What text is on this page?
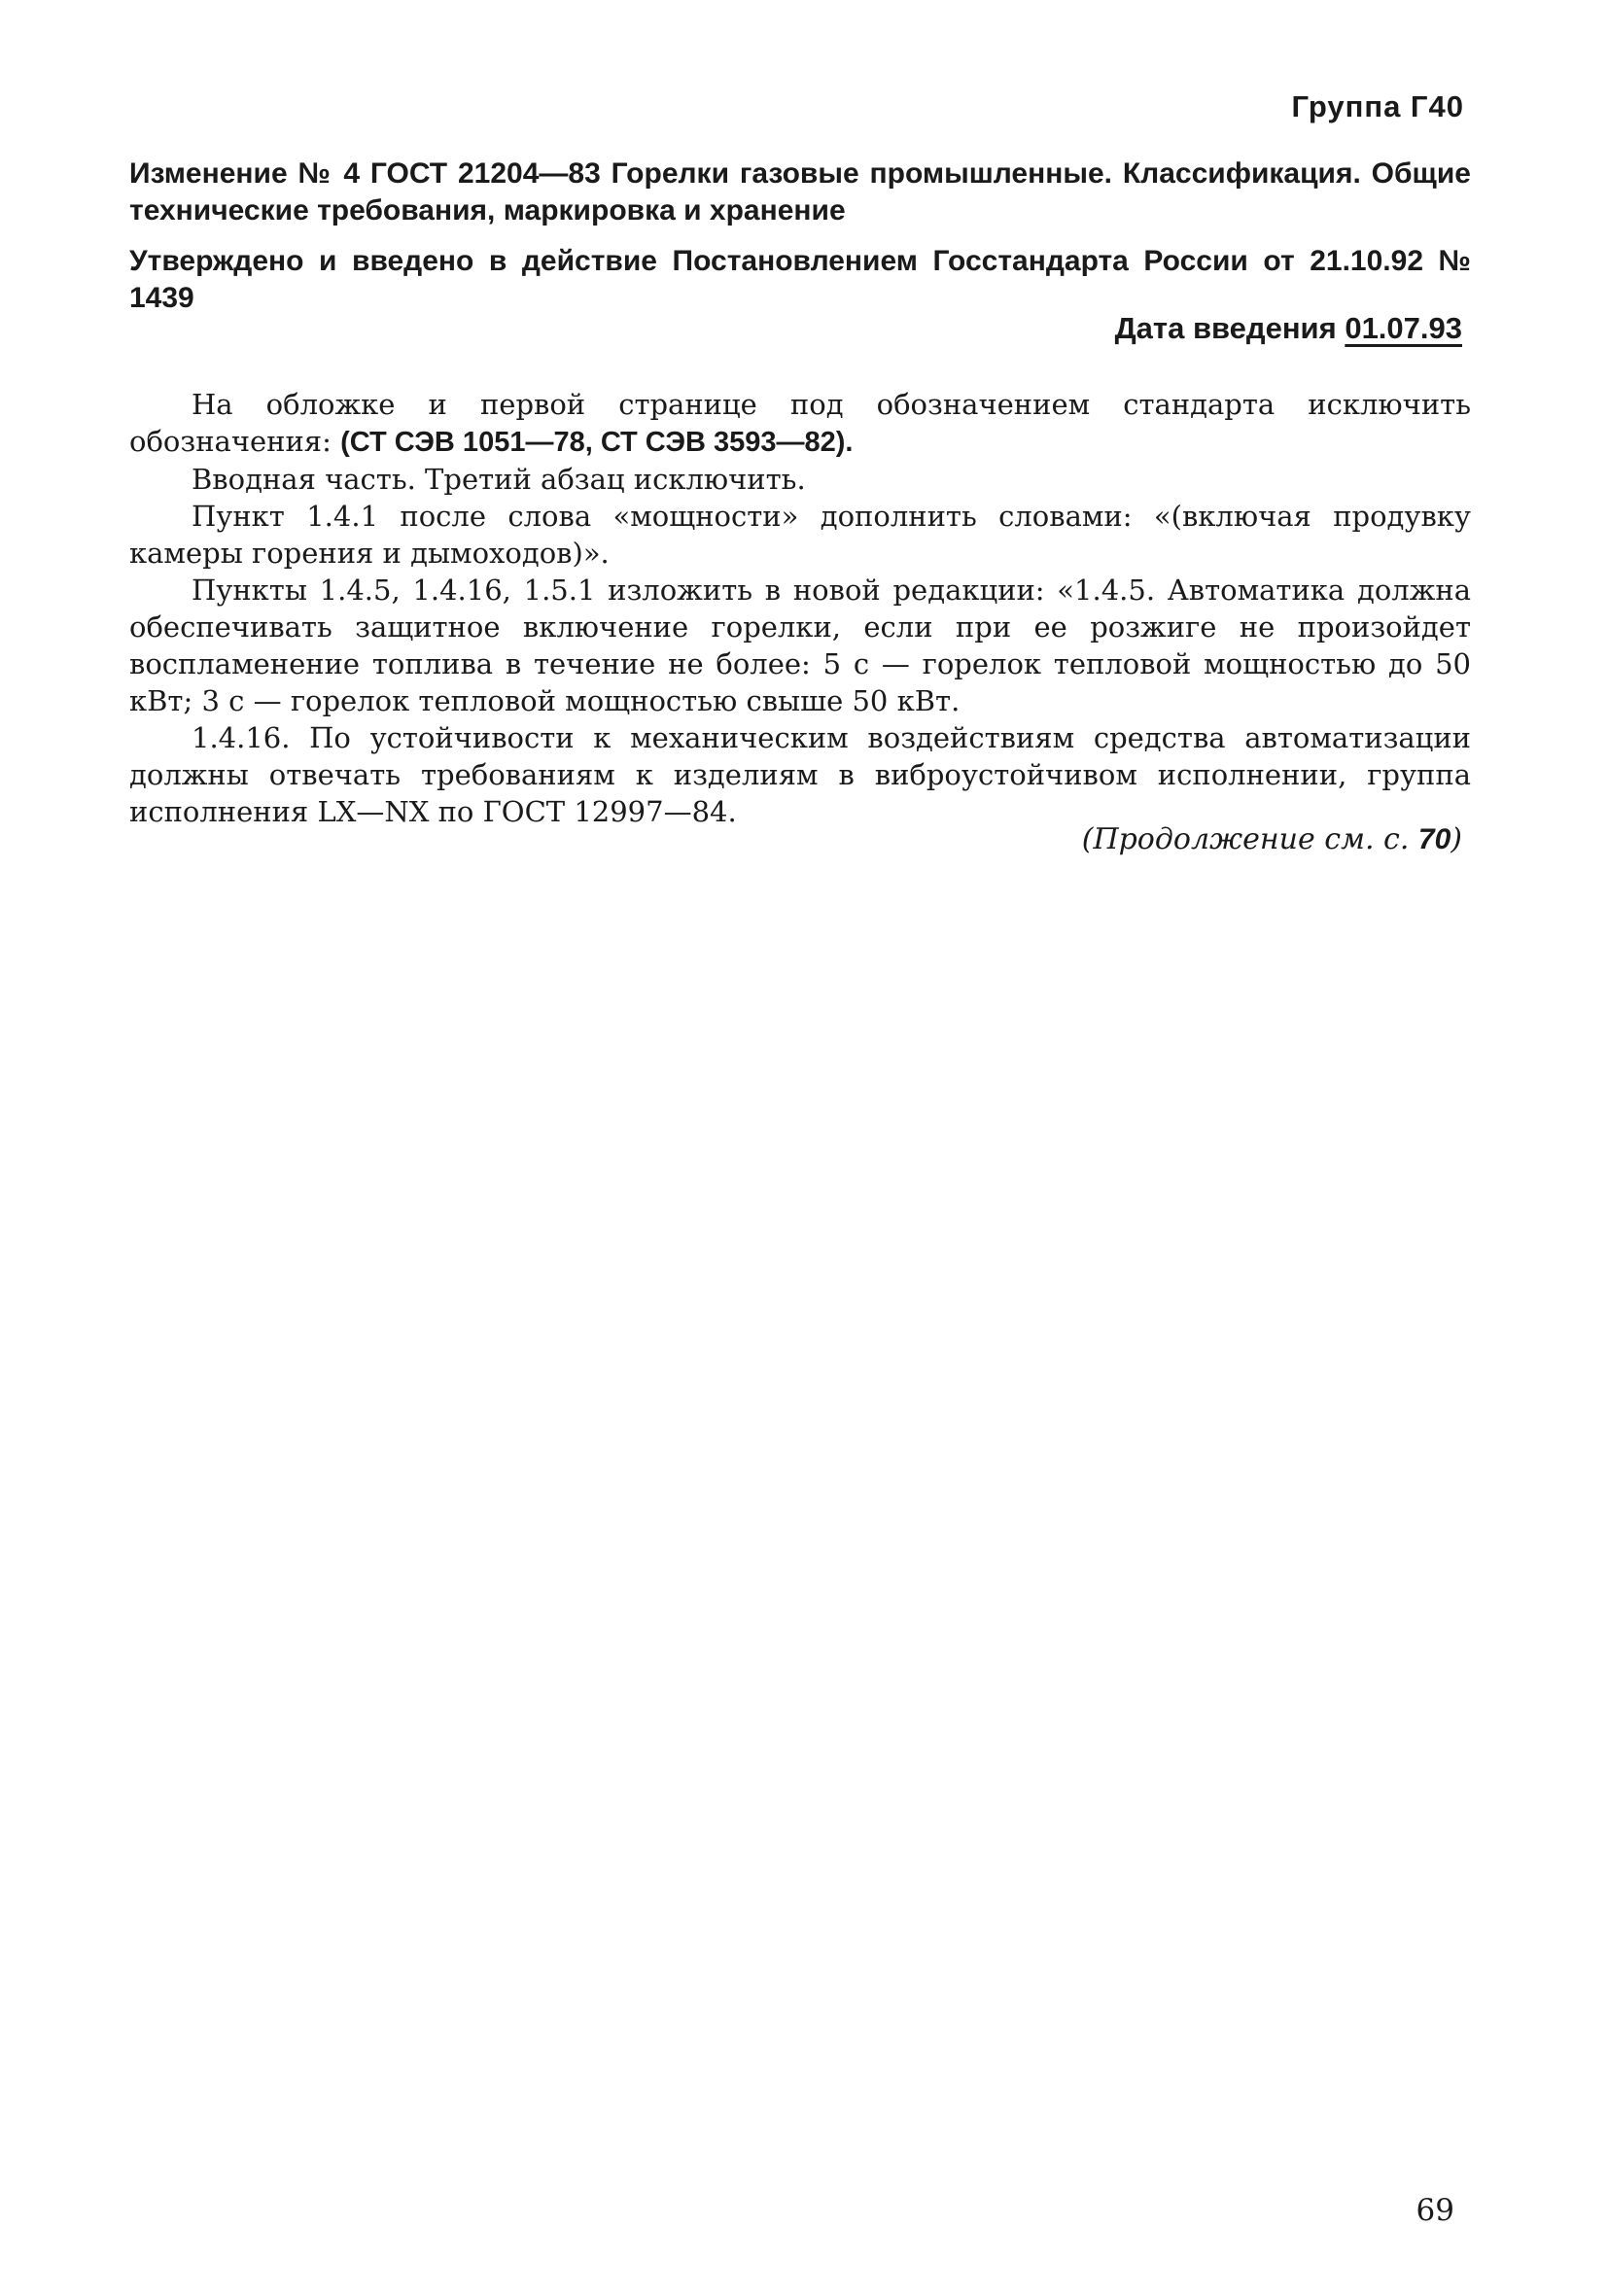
Группа Г40
Изменение № 4 ГОСТ 21204—83 Горелки газовые промышленные. Классификация. Общие технические требования, маркировка и хранение
Утверждено и введено в действие Постановлением Госстандарта России от 21.10.92 № 1439
Дата введения 01.07.93

На обложке и первой странице под обозначением стандарта исключить обозначения: (СТ СЭВ 1051—78, СТ СЭВ 3593—82).

Вводная часть. Третий абзац исключить.

Пункт 1.4.1 после слова «мощности» дополнить словами: «(включая продувку камеры горения и дымоходов)».

Пункты 1.4.5, 1.4.16, 1.5.1 изложить в новой редакции: «1.4.5. Автоматика должна обеспечивать защитное включение горелки, если при ее розжиге не произойдет воспламенение топлива в течение не более: 5 с — горелок тепловой мощностью до 50 кВт; 3 с — горелок тепловой мощностью свыше 50 кВт.

1.4.16. По устойчивости к механическим воздействиям средства автоматизации должны отвечать требованиям к изделиям в виброустойчивом исполнении, группа исполнения LX—NX по ГОСТ 12997—84.

(Продолжение см. с. 70)
69
